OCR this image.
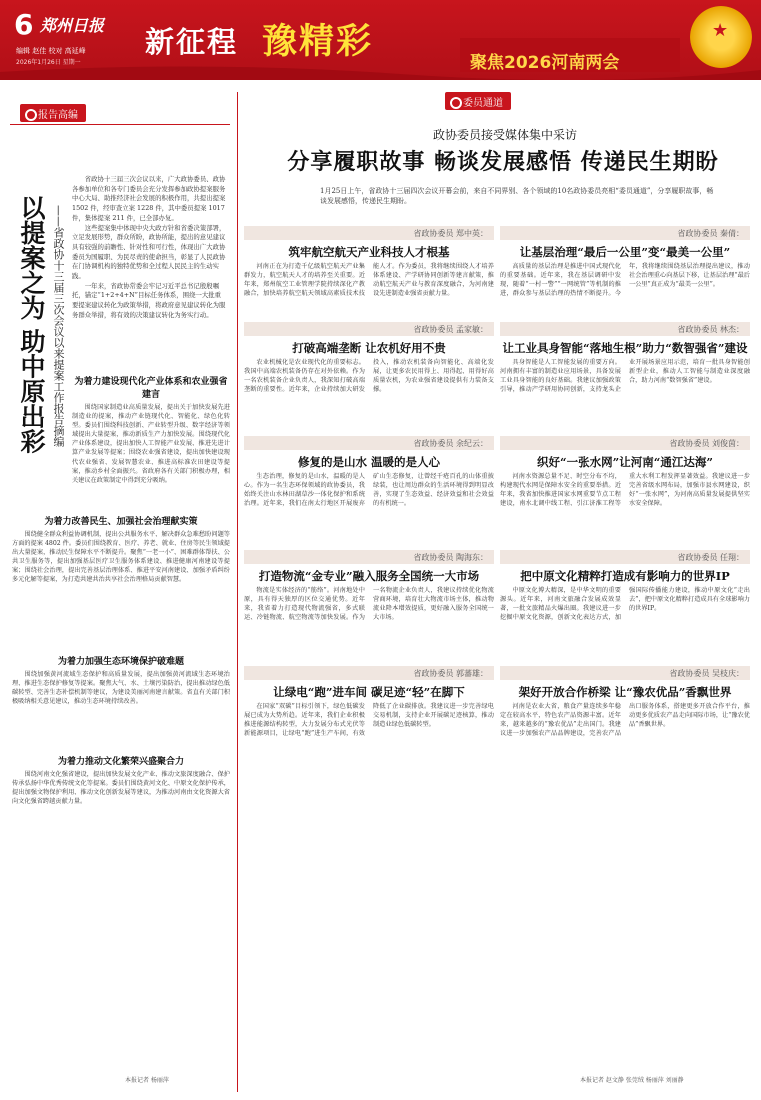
6 郑州日报
编辑 赵佳 校对 高延峰
2026年1月26日 星期一
新征程 豫精彩
聚焦2026河南两会
★
报告高编
委员通道
以提案之为 助中原出彩 ——省政协十三届三次会议以来提案工作报告摘编

省政协十三届三次会议以来，广大政协委员、政协各参加单位和各专门委员会充分发挥参加政协提案服务中心大局、助推经济社会发展的积极作用，共提出提案 1502 件，经审查立案 1228 件，其中委员提案 1017 件，集体提案 211 件，已全部办复。

这些提案集中体现中央大政方针和省委决策部署，立足发展形势，群众所盼，政协所能，提出的意见建议具有较强的前瞻性、针对性和可行性，体现出广大政协委员为国履职、为民尽责的使命担当，彰显了人民政协在门协调机构的独特优势和全过程人民民主的生动实践。

一年来，省政协常委会牢记习近平总书记殷殷嘱托，锚定“1+2+4+N”目标任务体系，围绕一大批重要提案建议转化为政策举措，将政府意见建议转化为服务群众举措，将有效的决策建议转化为务实行动。

为着力建设现代化产业体系和农业强省建言
围绕国家制造业高质量发展，提出关于加快发展先进制造业的提案，推动产业链现代化、智能化、绿色化转型。委员们围绕科技创新、产业转型升级、数字经济等领域提出大量提案，推动新质生产力加快发展。围绕现代化产业体系建设，提出加快人工智能产业发展、推进先进计算产业发展等提案；围绕农业强省建设，提出加快建设现代农业强省、发展智慧农业、推进高标准农田建设等提案，推动乡村全面振兴。省政府各有关部门积极办理，相关建议在政策制定中得到充分吸纳。
为着力改善民生、加强社会治理献实策
围绕健全群众利益协调机制，提出公共服务水平、解决群众急难愁盼问题等方面的提案 4802 件。委员们围绕教育、医疗、养老、就业、住房等民生领域提出大量提案，推动民生保障水平不断提升。聚焦“一老一小”、困难群体帮扶、公共卫生服务等，提出加强基层医疗卫生服务体系建设、推进健康河南建设等提案；围绕社会治理，提出完善基层治理体系、推进平安河南建设、加强矛盾纠纷多元化解等提案，为打造共建共治共享社会治理格局贡献智慧。
为着力加强生态环境保护破难题
围绕加强黄河流域生态保护和高质量发展，提出加强黄河流域生态环境治理、推进生态保护修复等提案。聚焦大气、水、土壤污染防治，提出推动绿色低碳转型、完善生态补偿机制等建议，为建设美丽河南建言献策。省直有关部门积极吸纳相关意见建议，推动生态环境持续改善。
为着力推动文化繁荣兴盛聚合力
围绕河南文化强省建设，提出加快发展文化产业、推动文旅深度融合、保护传承弘扬中华优秀传统文化等提案。委员们围绕黄河文化、中原文化保护传承，提出加强文物保护利用、推动文化创新发展等建议，为推动河南由文化资源大省向文化强省跨越贡献力量。
本报记者 杨丽萍
政协委员接受媒体集中采访
分享履职故事 畅谈发展感悟 传递民生期盼
1月25日上午，省政协十三届四次会议开幕会前，来自不同界别、各个领域的10名政协委员亮相“委员通道”，分享履职故事，畅谈发展感悟，传递民生期盼。
省政协委员 郑中英：
筑牢航空航天产业科技人才根基
河南正在为打造千亿级航空航天产业集群发力，航空航天人才的培养至关重要。近年来，郑州航空工业管理学院持续深化产教融合，加快培养航空航天领域高素质技术技能人才。作为委员，我将继续围绕人才培养体系建设、产学研协同创新等建言献策，推动航空航天产业与教育深度融合，为河南建设先进制造业强省贡献力量。
省政协委员 秦倩：
让基层治理“最后一公里”变“最美一公里”
高质量的基层治理是推进中国式现代化的重要基础。近年来，我在基层调研中发现，随着“一村一警”“一网统管”等机制的推进，群众参与基层治理的热情不断提升。今年，我将继续围绕基层治理提出建议，推动社会治理重心向基层下移，让基层治理“最后一公里”真正成为“最美一公里”。
省政协委员 孟家敏：
打破高端垄断 让农机好用不贵
农业机械化是农业现代化的重要标志。我国中高端农机装备仍存在对外依赖。作为一名农机装备企业负责人，我深知打破高端垄断的重要性。近年来，企业持续加大研发投入，推动农机装备向智能化、高端化发展，让更多农民用得上、用得起、用得好高质量农机，为农业强省建设提供有力装备支撑。
省政协委员 林杰：
让工业具身智能“落地生根”助力“数智强省”建设
具身智能是人工智能发展的重要方向。河南拥有丰富的制造业应用场景，具备发展工业具身智能的良好基础。我建议加强政策引导，推动产学研用协同创新，支持龙头企业开展场景应用示范，培育一批具身智能创新型企业，推动人工智能与制造业深度融合，助力河南“数智强省”建设。
省政协委员 余纪云：
修复的是山水 温暖的是人心
生态治理，修复的是山水，温暖的是人心。作为一名生态环保领域的政协委员，我始终关注山水林田湖草沙一体化保护和系统治理。近年来，我们在南太行地区开展废弃矿山生态修复，让曾经千疮百孔的山体重披绿装，也让周边群众的生活环境得到明显改善，实现了生态效益、经济效益和社会效益的有机统一。
省政协委员 刘俊茵：
织好“一张水网”让河南“通江达海”
河南水资源总量不足、时空分布不均，构建现代水网是保障水安全的重要举措。近年来，我省加快推进国家水网重要节点工程建设，南水北调中线工程、引江济淮工程等重大水利工程发挥显著效益。我建议进一步完善省级水网布局，加强市县水网建设，织好“一张水网”，为河南高质量发展提供坚实水安全保障。
省政协委员 陶海东：
打造物流“金专业”融入服务全国统一大市场
物流是实体经济的“筋络”。河南地处中原，具有得天独厚的区位交通优势。近年来，我省着力打造现代物流强省，多式联运、冷链物流、航空物流等加快发展。作为一名物流企业负责人，我建议持续优化物流营商环境，培育壮大物流市场主体，推动物流业降本增效提质，更好融入服务全国统一大市场。
省政协委员 任翔：
把中原文化精粹打造成有影响力的世界IP
中原文化博大精深，是中华文明的重要源头。近年来，河南文旅融合发展成效显著，一批文旅精品火爆出圈。我建议进一步挖掘中原文化资源，创新文化表达方式，加强国际传播能力建设，推动中原文化“走出去”，把中原文化精粹打造成具有全球影响力的世界IP。
省政协委员 郭蕃雄：
让绿电“跑”进车间 碳足迹“轻”在脚下
在国家“双碳”目标引领下，绿色低碳发展已成为大势所趋。近年来，我们企业积极推进能源结构转型，大力发展分布式光伏等新能源项目，让绿电“跑”进生产车间，有效降低了企业碳排放。我建议进一步完善绿电交易机制，支持企业开展碳足迹核算，推动制造业绿色低碳转型。
省政协委员 吴枝庆：
架好开放合作桥梁 让“豫农优品”香飘世界
河南是农业大省，粮食产量连续多年稳定在较高水平，特色农产品资源丰富。近年来，越来越多的“豫农优品”走出国门。我建议进一步加强农产品品牌建设，完善农产品出口服务体系，搭建更多开放合作平台，推动更多优质农产品走向国际市场，让“豫农优品”香飘世界。
本报记者 赵文静 张莞绒 杨丽萍 刘丽静
